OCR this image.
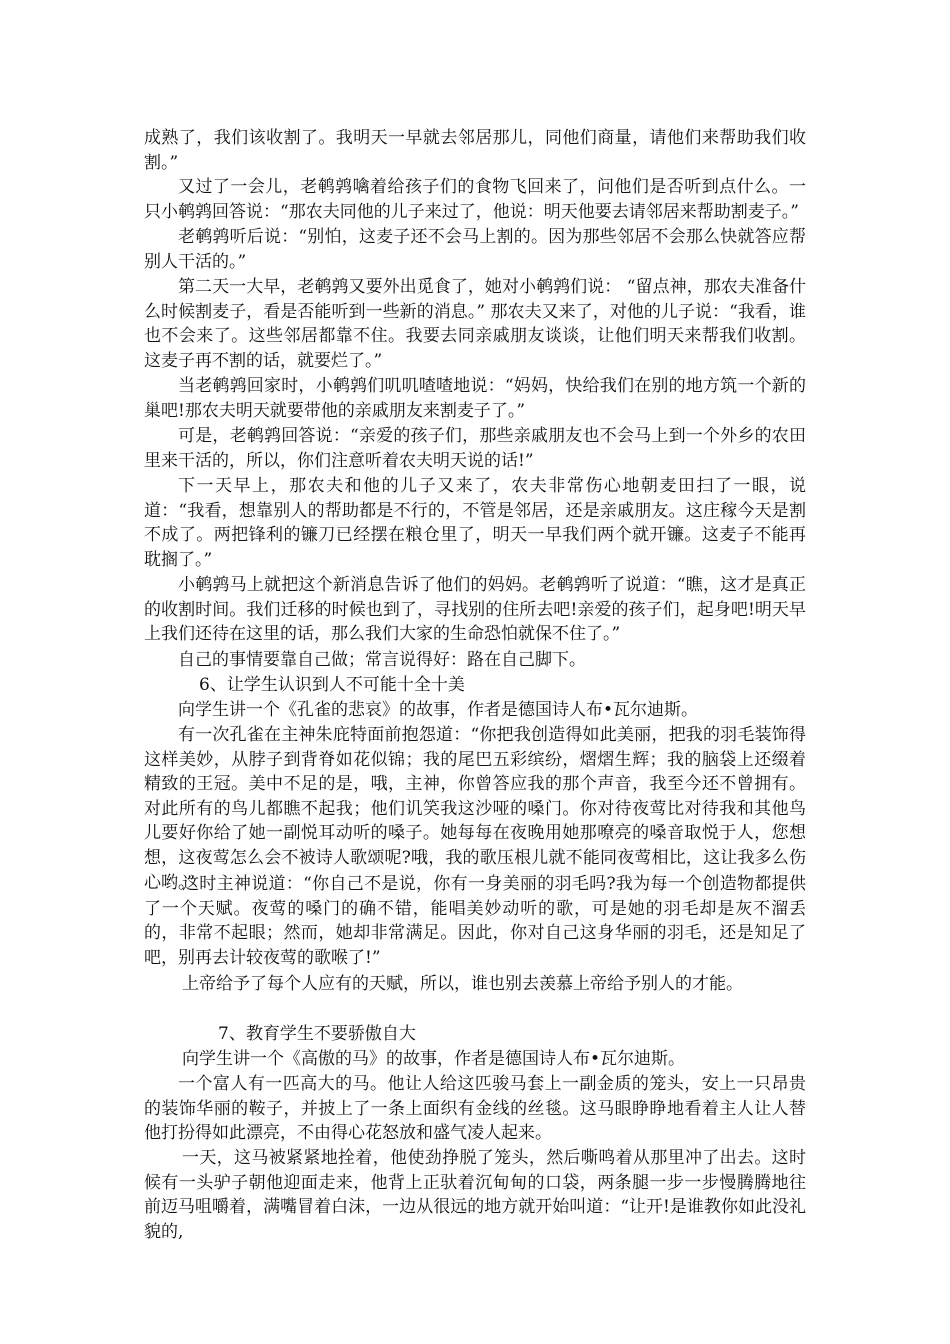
成熟了，我们该收割了。我明天一早就去邻居那儿，同他们商量，请他们来帮助我们收割。”

又过了一会儿，老鹌鹑噙着给孩子们的食物飞回来了，问他们是否听到点什么。一只小鹌鹑回答说：“那农夫同他的儿子来过了，他说：明天他要去请邻居来帮助割麦子。”

老鹌鹑听后说：“别怕，这麦子还不会马上割的。因为那些邻居不会那么快就答应帮别人干活的。”

第二天一大早，老鹌鹑又要外出觅食了，她对小鹌鹑们说： “留点神，那农夫准备什么时候割麦子，看是否能听到一些新的消息。” 那农夫又来了，对他的儿子说：“我看，谁也不会来了。这些邻居都靠不住。我要去同亲戚朋友谈谈，让他们明天来帮我们收割。这麦子再不割的话，就要烂了。”

当老鹌鹑回家时，小鹌鹑们叽叽喳喳地说：“妈妈，快给我们在别的地方筑一个新的巢吧!那农夫明天就要带他的亲戚朋友来割麦子了。”

可是，老鹌鹑回答说：“亲爱的孩子们，那些亲戚朋友也不会马上到一个外乡的农田里来干活的，所以，你们注意听着农夫明天说的话!”

下一天早上，那农夫和他的儿子又来了，农夫非常伤心地朝麦田扫了一眼，说道：“我看，想靠别人的帮助都是不行的，不管是邻居，还是亲戚朋友。这庄稼今天是割不成了。两把锋利的镰刀已经摆在粮仓里了，明天一早我们两个就开镰。这麦子不能再耽搁了。”

小鹌鹑马上就把这个新消息告诉了他们的妈妈。老鹌鹑听了说道：“瞧，这才是真正的收割时间。我们迁移的时候也到了，寻找别的住所去吧!亲爱的孩子们，起身吧!明天早上我们还待在这里的话，那么我们大家的生命恐怕就保不住了。”

自己的事情要靠自己做；常言说得好：路在自己脚下。

6、让学生认识到人不可能十全十美

向学生讲一个《孔雀的悲哀》的故事，作者是德国诗人布•瓦尔迪斯。

有一次孔雀在主神朱庇特面前抱怨道：“你把我创造得如此美丽，把我的羽毛装饰得这样美妙，从脖子到背脊如花似锦；我的尾巴五彩缤纷，熠熠生辉；我的脑袋上还缀着精致的王冠。美中不足的是，哦，主神，你曾答应我的那个声音，我至今还不曾拥有。对此所有的鸟儿都瞧不起我；他们讥笑我这沙哑的嗓门。你对待夜莺比对待我和其他鸟儿要好你给了她一副悦耳动听的嗓子。她每每在夜晚用她那嘹亮的嗓音取悦于人，您想想，这夜莺怎么会不被诗人歌颂呢?哦，我的歌压根儿就不能同夜莺相比，这让我多么伤心哟。”

这时主神说道：“你自己不是说，你有一身美丽的羽毛吗?我为每一个创造物都提供了一个天赋。夜莺的嗓门的确不错，能唱美妙动听的歌，可是她的羽毛却是灰不溜丢的，非常不起眼；然而，她却非常满足。因此，你对自己这身华丽的羽毛，还是知足了吧，别再去计较夜莺的歌喉了!”

上帝给予了每个人应有的天赋，所以，谁也别去羡慕上帝给予别人的才能。

7、教育学生不要骄傲自大

向学生讲一个《高傲的马》的故事，作者是德国诗人布•瓦尔迪斯。

一个富人有一匹高大的马。他让人给这匹骏马套上一副金质的笼头，安上一只昂贵的装饰华丽的鞍子，并披上了一条上面织有金线的丝毯。这马眼睁睁地看着主人让人替他打扮得如此漂亮，不由得心花怒放和盛气凌人起来。

一天，这马被紧紧地拴着，他使劲挣脱了笼头，然后嘶鸣着从那里冲了出去。这时候有一头驴子朝他迎面走来，他背上正驮着沉甸甸的口袋，两条腿一步一步慢腾腾地往前迈马咀嚼着，满嘴冒着白沫，一边从很远的地方就开始叫道：“让开!是谁教你如此没礼貌的,
